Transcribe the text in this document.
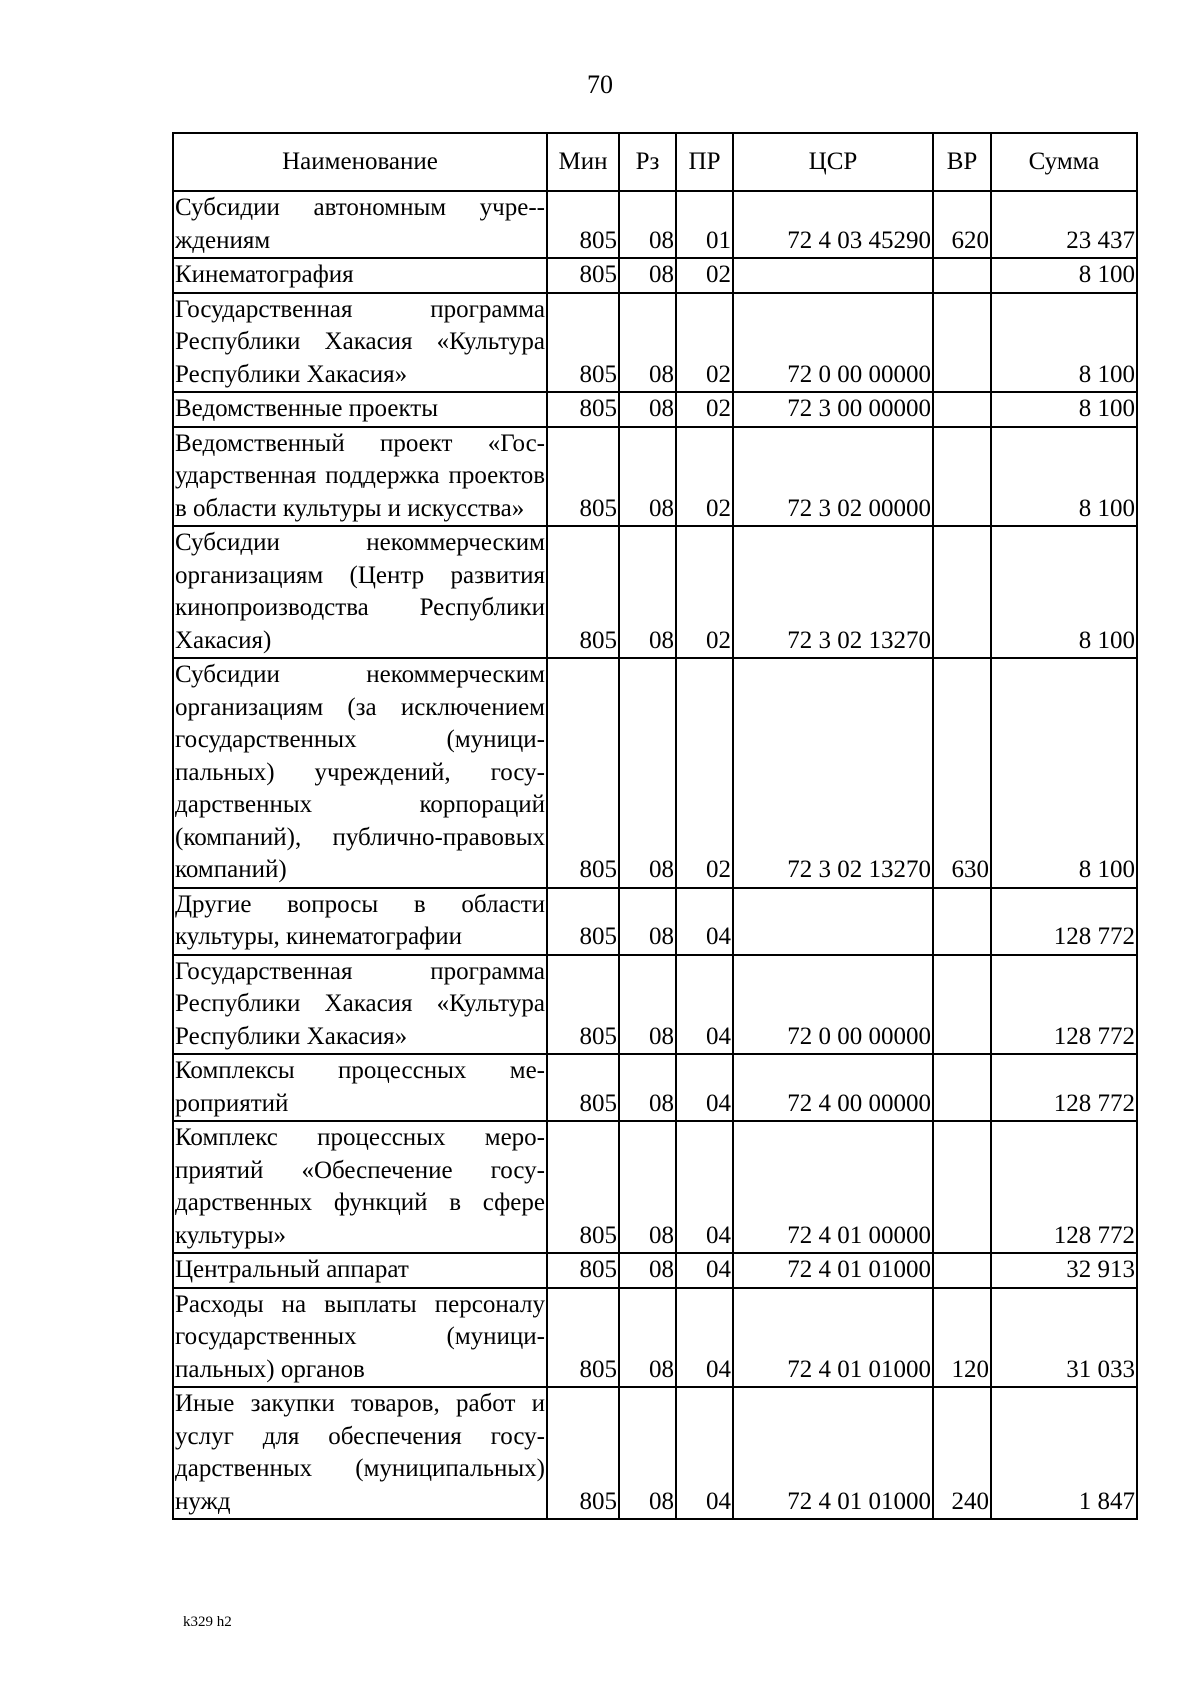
70
Наименование	Мин	Рз	ПР	ЦСР	ВР	Сумма
Субсидии автономным учре-ждениям	805	08	01	72 4 03 45290	620	23 437
Кинематография	805	08	02			8 100
Государственная программа Республики Хакасия «Культура Республики Хакасия»	805	08	02	72 0 00 00000		8 100
Ведомственные проекты	805	08	02	72 3 00 00000		8 100
Ведомственный проект «Государственная поддержка проектов в области культуры и искусства»	805	08	02	72 3 02 00000		8 100
Субсидии некоммерческим организациям (Центр развития кинопроизводства Республики Хакасия)	805	08	02	72 3 02 13270		8 100
Субсидии некоммерческим организациям (за исключением государственных (муниципальных) учреждений, государственных корпораций (компаний), публично-правовых компаний)	805	08	02	72 3 02 13270	630	8 100
Другие вопросы в области культуры, кинематографии	805	08	04			128 772
Государственная программа Республики Хакасия «Культура Республики Хакасия»	805	08	04	72 0 00 00000		128 772
Комплексы процессных мероприятий	805	08	04	72 4 00 00000		128 772
Комплекс процессных мероприятий «Обеспечение государственных функций в сфере культуры»	805	08	04	72 4 01 00000		128 772
Центральный аппарат	805	08	04	72 4 01 01000		32 913
Расходы на выплаты персоналу государственных (муниципальных) органов	805	08	04	72 4 01 01000	120	31 033
Иные закупки товаров, работ и услуг для обеспечения государственных (муниципальных) нужд	805	08	04	72 4 01 01000	240	1 847
k329 h2
